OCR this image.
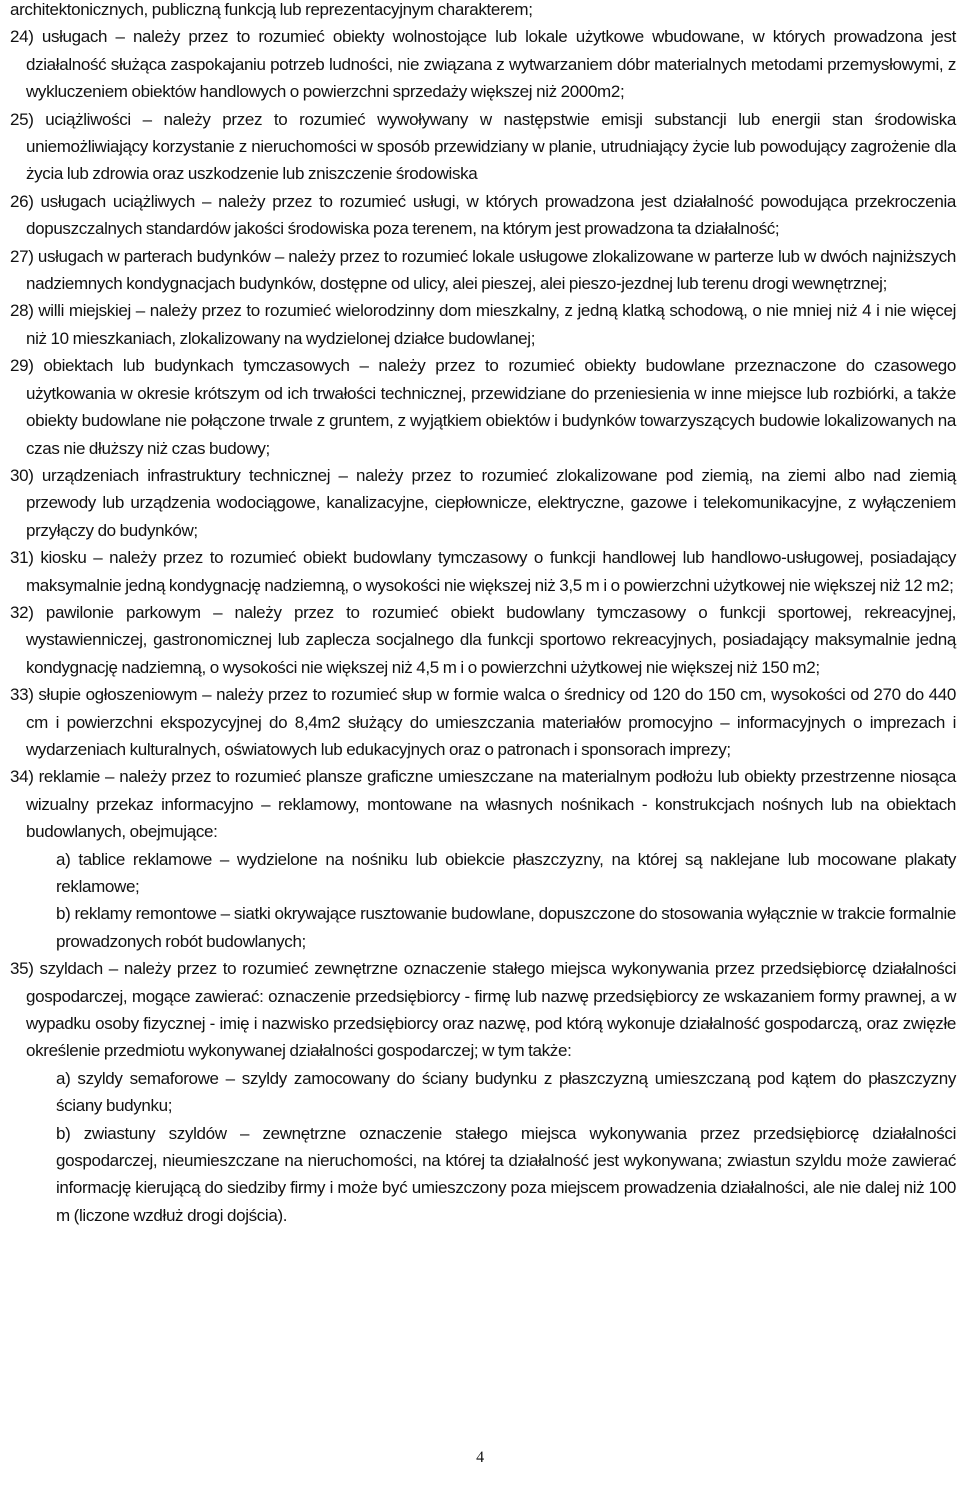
architektonicznych, publiczną funkcją lub reprezentacyjnym charakterem;

24) usługach – należy przez to rozumieć obiekty wolnostojące lub lokale użytkowe wbudowane, w których prowadzona jest działalność służąca zaspokajaniu potrzeb ludności, nie związana z wytwarzaniem dóbr materialnych metodami przemysłowymi, z wykluczeniem obiektów handlowych o powierzchni sprzedaży większej niż 2000m2;

25) uciążliwości – należy przez to rozumieć wywoływany w następstwie emisji substancji lub energii stan środowiska uniemożliwiający korzystanie z nieruchomości w sposób przewidziany w planie, utrudniający życie lub powodujący zagrożenie dla życia lub zdrowia oraz uszkodzenie lub zniszczenie środowiska

26) usługach uciążliwych – należy przez to rozumieć usługi, w których prowadzona jest działalność powodująca przekroczenia dopuszczalnych standardów jakości środowiska poza terenem, na którym jest prowadzona ta działalność;

27) usługach w parterach budynków – należy przez to rozumieć lokale usługowe zlokalizowane w parterze lub w dwóch najniższych nadziemnych kondygnacjach budynków, dostępne od ulicy, alei pieszej, alei pieszo-jezdnej lub terenu drogi wewnętrznej;

28) willi miejskiej – należy przez to rozumieć wielorodzinny dom mieszkalny, z jedną klatką schodową, o nie mniej niż 4 i nie więcej niż 10 mieszkaniach, zlokalizowany na wydzielonej działce budowlanej;

29) obiektach lub budynkach tymczasowych – należy przez to rozumieć obiekty budowlane przeznaczone do czasowego użytkowania w okresie krótszym od ich trwałości technicznej, przewidziane do przeniesienia w inne miejsce lub rozbiórki, a także obiekty budowlane nie połączone trwale z gruntem, z wyjątkiem obiektów i budynków towarzyszących budowie lokalizowanych na czas nie dłuższy niż czas budowy;

30) urządzeniach infrastruktury technicznej – należy przez to rozumieć zlokalizowane pod ziemią, na ziemi albo nad ziemią przewody lub urządzenia wodociągowe, kanalizacyjne, ciepłownicze, elektryczne, gazowe i telekomunikacyjne, z wyłączeniem przyłączy do budynków;

31) kiosku – należy przez to rozumieć obiekt budowlany tymczasowy o funkcji handlowej lub handlowo-usługowej, posiadający maksymalnie jedną kondygnację nadziemną, o wysokości nie większej niż 3,5 m i o powierzchni użytkowej nie większej niż 12 m2;

32) pawilonie parkowym – należy przez to rozumieć obiekt budowlany tymczasowy o funkcji sportowej, rekreacyjnej, wystawienniczej, gastronomicznej lub zaplecza socjalnego dla funkcji sportowo rekreacyjnych, posiadający maksymalnie jedną kondygnację nadziemną, o wysokości nie większej niż 4,5 m i o powierzchni użytkowej nie większej niż 150 m2;

33) słupie ogłoszeniowym – należy przez to rozumieć słup w formie walca o średnicy od 120 do 150 cm, wysokości od 270 do 440 cm i powierzchni ekspozycyjnej do 8,4m2 służący do umieszczania materiałów promocyjno – informacyjnych o imprezach i wydarzeniach kulturalnych, oświatowych lub edukacyjnych oraz o patronach i sponsorach imprezy;

34) reklamie – należy przez to rozumieć plansze graficzne umieszczane na materialnym podłożu lub obiekty przestrzenne niosąca wizualny przekaz informacyjno – reklamowy, montowane na własnych nośnikach - konstrukcjach nośnych lub na obiektach budowlanych, obejmujące:

a) tablice reklamowe – wydzielone na nośniku lub obiekcie płaszczyzny, na której są naklejane lub mocowane plakaty reklamowe;

b) reklamy remontowe – siatki okrywające rusztowanie budowlane, dopuszczone do stosowania wyłącznie w trakcie formalnie prowadzonych robót budowlanych;

35) szyldach – należy przez to rozumieć zewnętrzne oznaczenie stałego miejsca wykonywania przez przedsiębiorcę działalności gospodarczej, mogące zawierać: oznaczenie przedsiębiorcy - firmę lub nazwę przedsiębiorcy ze wskazaniem formy prawnej, a w wypadku osoby fizycznej - imię i nazwisko przedsiębiorcy oraz nazwę, pod którą wykonuje działalność gospodarczą, oraz zwięzłe określenie przedmiotu wykonywanej działalności gospodarczej; w tym także:

a) szyldy semaforowe – szyldy zamocowany do ściany budynku z płaszczyzną umieszczaną pod kątem do płaszczyzny ściany budynku;

b) zwiastuny szyldów – zewnętrzne oznaczenie stałego miejsca wykonywania przez przedsiębiorcę działalności gospodarczej, nieumieszczane na nieruchomości, na której ta działalność jest wykonywana; zwiastun szyldu może zawierać informację kierującą do siedziby firmy i może być umieszczony poza miejscem prowadzenia działalności, ale nie dalej niż 100 m (liczone wzdłuż drogi dojścia).

4
